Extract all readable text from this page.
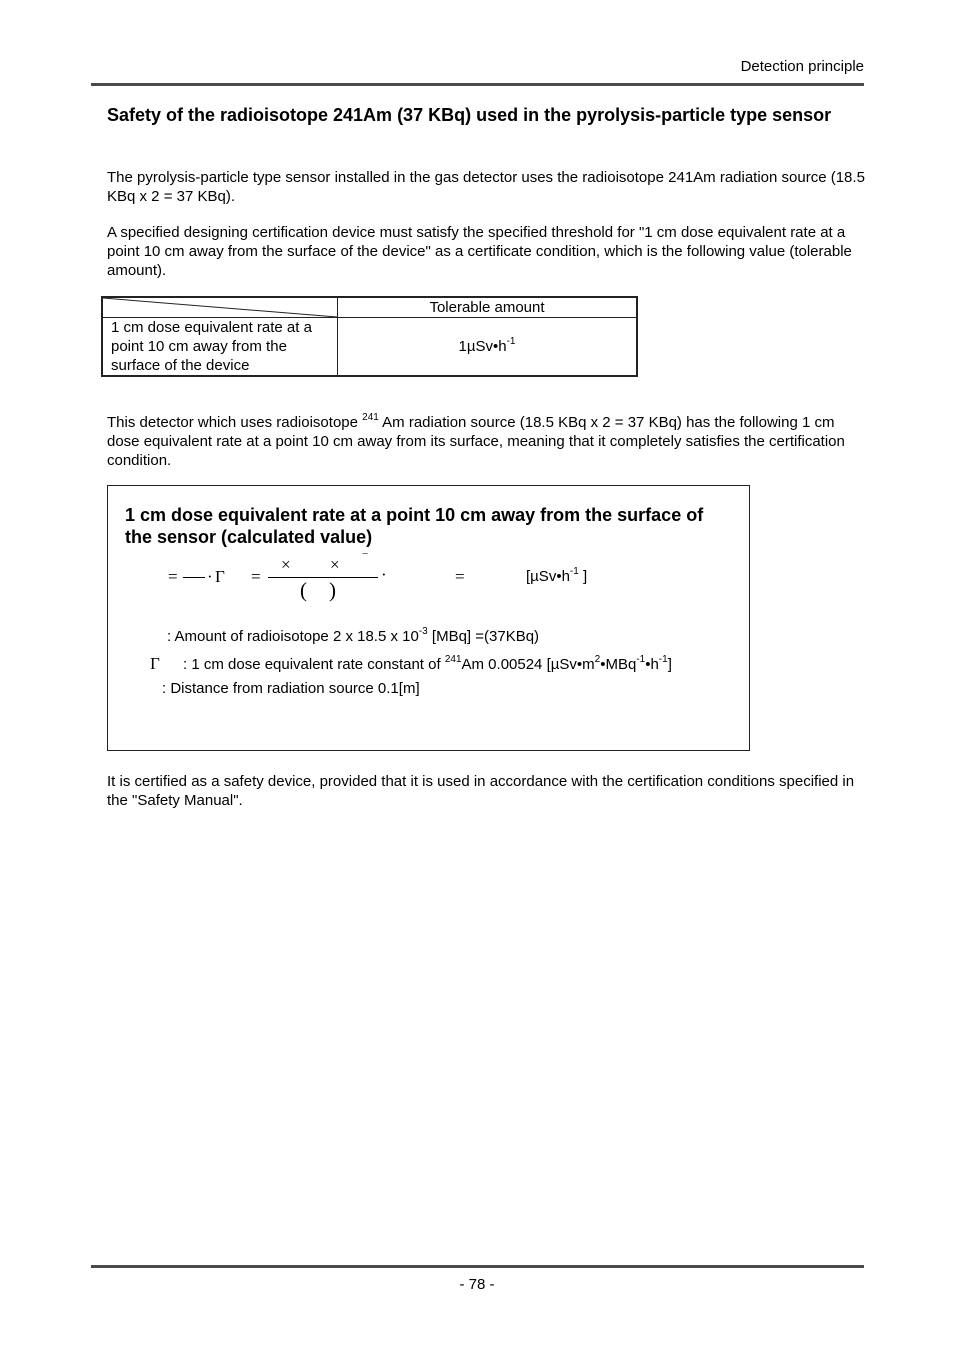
Detection principle
Safety of the radioisotope 241Am (37 KBq) used in the pyrolysis-particle type sensor
The pyrolysis-particle type sensor installed in the gas detector uses the radioisotope 241Am radiation source (18.5 KBq x 2 = 37 KBq).
A specified designing certification device must satisfy the specified threshold for "1 cm dose equivalent rate at a point 10 cm away from the surface of the device" as a certificate condition, which is the following value (tolerable amount).
	Tolerable amount
1 cm dose equivalent rate at a point 10 cm away from the surface of the device	$1\mu Sv•h^{-1}$
This detector which uses radioisotope $^{241}$ Am radiation source (18.5 KBq x 2 = 37 KBq) has the following 1 cm dose equivalent rate at a point 10 cm away from its surface, meaning that it completely satisfies the certification condition.
1 cm dose equivalent rate at a point 10 cm away from the surface of the sensor (calculated value)
= · Γ =
× ×
−
( )
·	=	[$\mu Sv•h^{-1}$ ]
: Amount of radioisotope 2 x 18.5 x $10^{-3}$ [MBq] =(37KBq)
Γ : 1 cm dose equivalent rate constant of $^{241}$Am 0.00524 $[\mu Sv•m^2•MBq^{-1}•h^{-1}]$
: Distance from radiation source 0.1[m]
It is certified as a safety device, provided that it is used in accordance with the certification conditions specified in the "Safety Manual".
- 78 -
